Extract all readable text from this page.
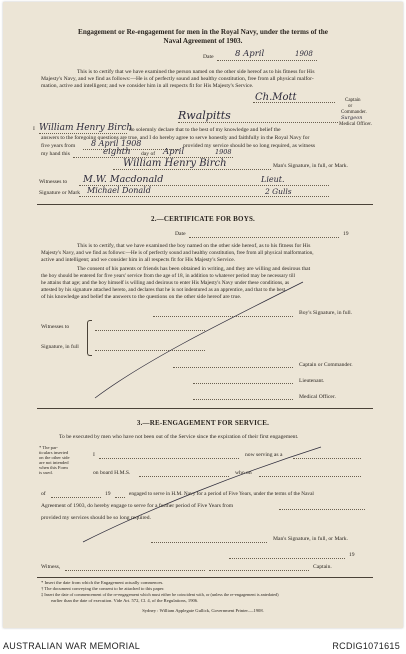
Engagement or Re-engagement for men in the Royal Navy, under the terms of the
Naval Agreement of 1903.
Date	8 April	1908
This is to certify that we have examined the person named on the other side hereof as to his fitness for His
Majesty's Navy, and we find as follows:—He is of perfectly sound and healthy constitution, free from all physical malfor-
mation, active and intelligent; and we consider him in all respects fit for His Majesty's Service.
Ch.Mott	Captain
or
Commander.
Surgeon
Rwalpitts
Medical Officer.
I William Henry Birch
do solemnly declare that to the best of my knowledge and belief the
answers to the foregoing questions are true, and I do hereby agree to serve honestly and faithfully in the Royal Navy for
five years from 8 April 1908	provided my service should be so long required, as witness
my hand this	eighth day of April	1908
William Henry Birch	Man's Signature, in full, or Mark.
Witnesses to M.W. Macdonald	Lieut.
Signature or Mark Michael Donald	2 Gulls
2.—CERTIFICATE FOR BOYS.
Date	19
This is to certify, that we have examined the boy named on the other side hereof, as to his fitness for His
Majesty's Navy, and we find as follows:—He is of perfectly sound and healthy constitution, free from all physical malformation,
active and intelligent; and we consider him in all respects fit for His Majesty's Service.
The consent of his parents or friends has been obtained in writing, and they are willing and desirous that
the boy should be entered for five years' service from the age of 18, in addition to whatever period may be necessary till
he attains that age; and the boy himself is willing and desirous to enter His Majesty's Navy under these conditions, as
attested by his signature attached hereto, and declares that he is not indentured as an apprentice, and that to the best
of his knowledge and belief the answers to the questions on the other side hereof are true.
Boy's Signature, in full.
Witnesses to
Signature, in full
Captain or Commander.
Lieutenant.
Medical Officer.
3.—RE-ENGAGEMENT FOR SERVICE.
To be executed by men who have not been out of the Service since the expiration of their first engagement.
* The par-
ticulars inserted
on the other side
are not intended
when this Form
is used.
I	now serving as a
on board H.M.S.	who on
of	19	engaged to serve in H.M. Navy for a period of Five Years, under the terms of the Naval
Agreement of 1903, do hereby engage to serve for a further period of Five Years from
provided my services should be so long required.
Man's Signature, in full, or Mark.
19
Witness,	Captain.
* Insert the date from which the Engagement actually commences.
† The document conveying the consent to be attached to this paper.
‡ Insert the date of commencement of the re-engagement which must either be coincident with, or (unless the re-engagement is antedated)
earlier than the date of execution. Vide Art. 572, Cl. 4, of the Regulations, 1906.
Sydney : William Applegate Gullick, Government Printer.—1908.
AUSTRALIAN WAR MEMORIAL	RCDIG1071615
